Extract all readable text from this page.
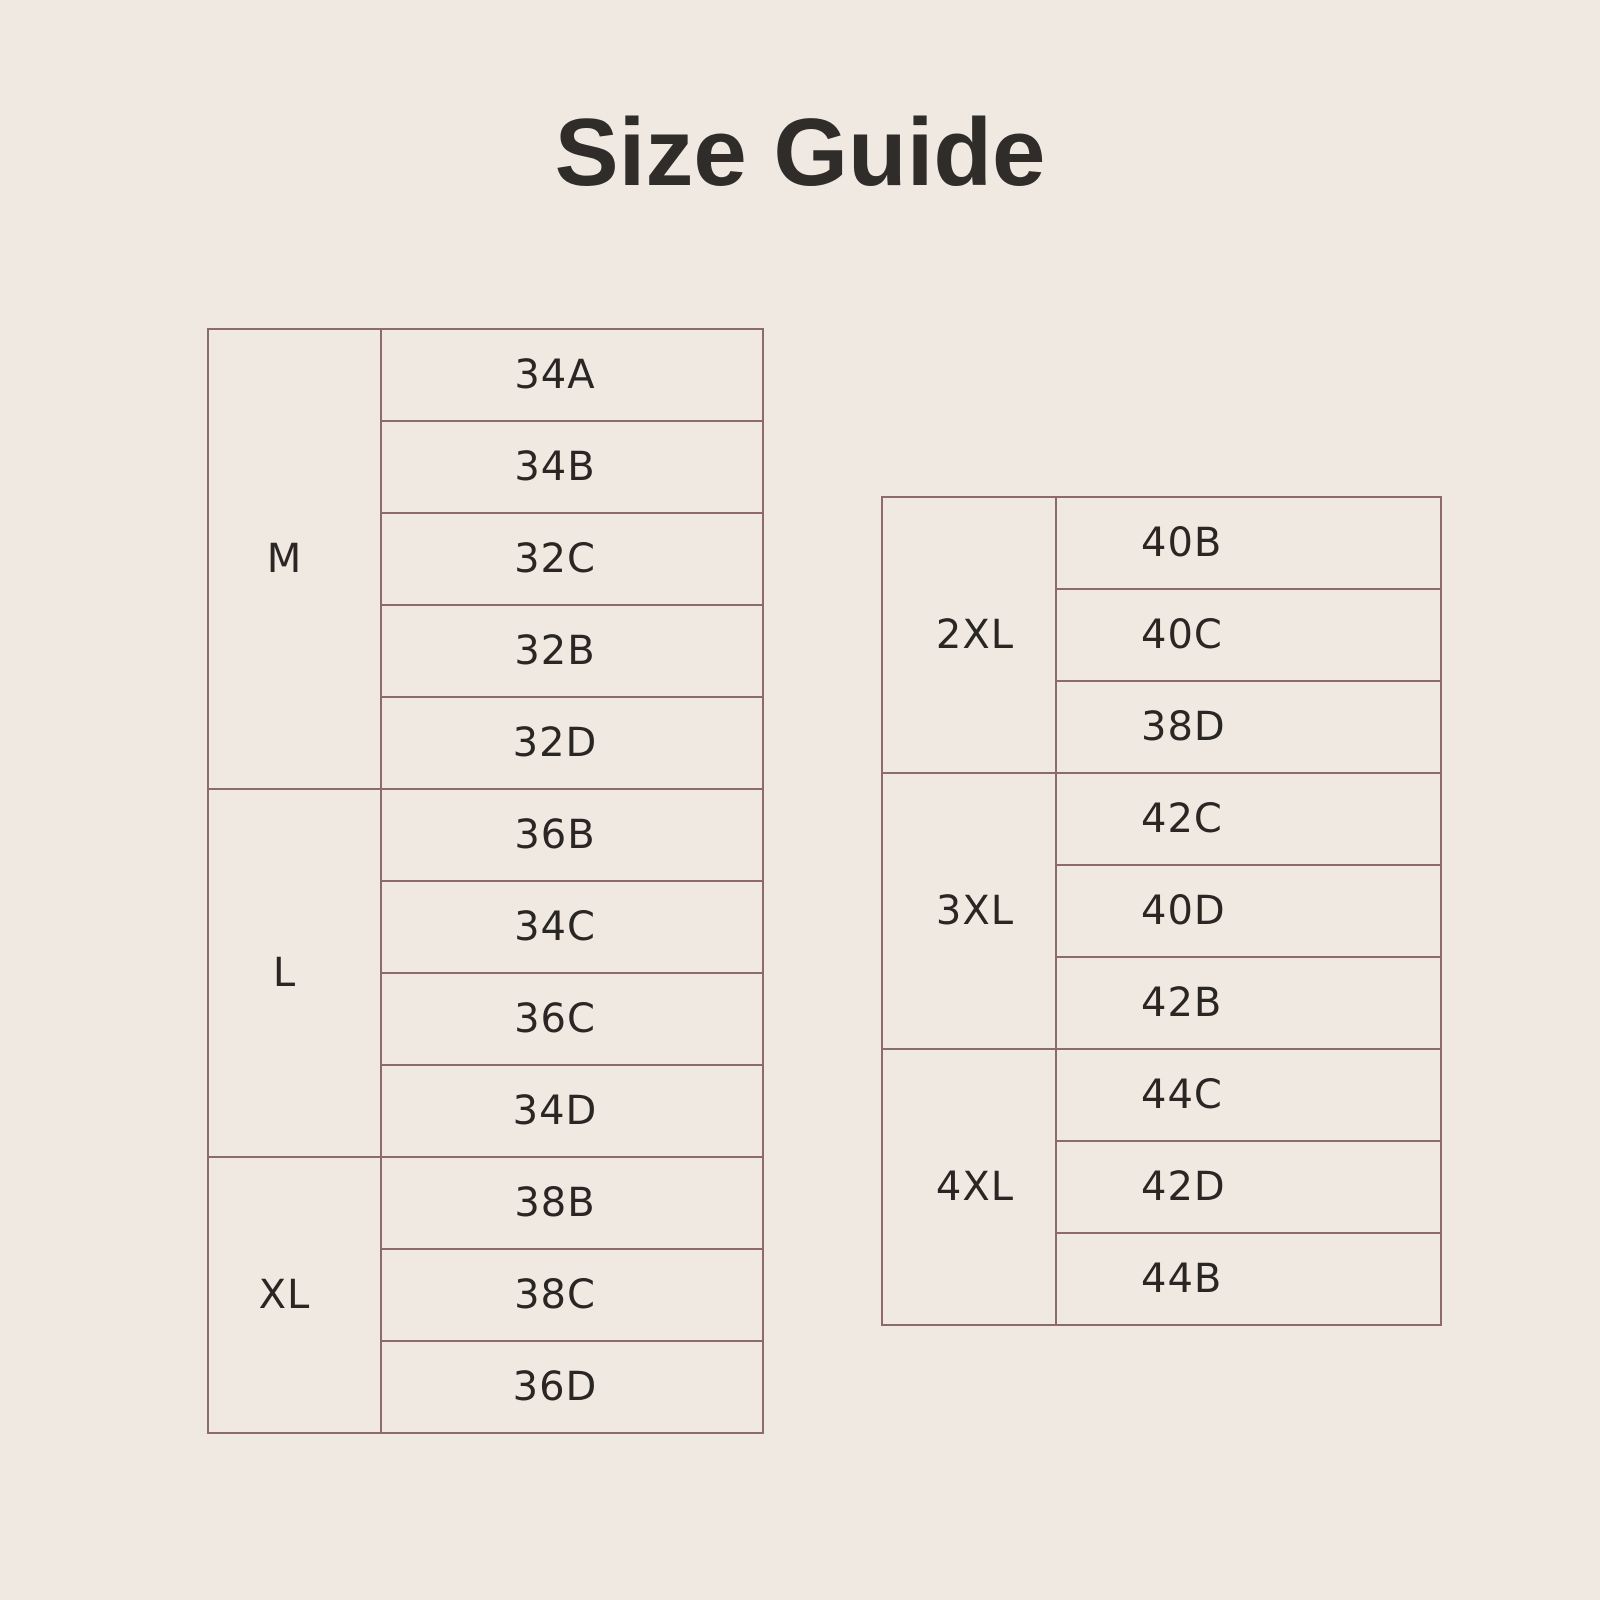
Size Guide
M	34A
	34B
	32C
	32B
	32D
L	36B
	34C
	36C
	34D
XL	38B
	38C
	36D
2XL	40B
	40C
	38D
3XL	42C
	40D
	42B
4XL	44C
	42D
	44B
